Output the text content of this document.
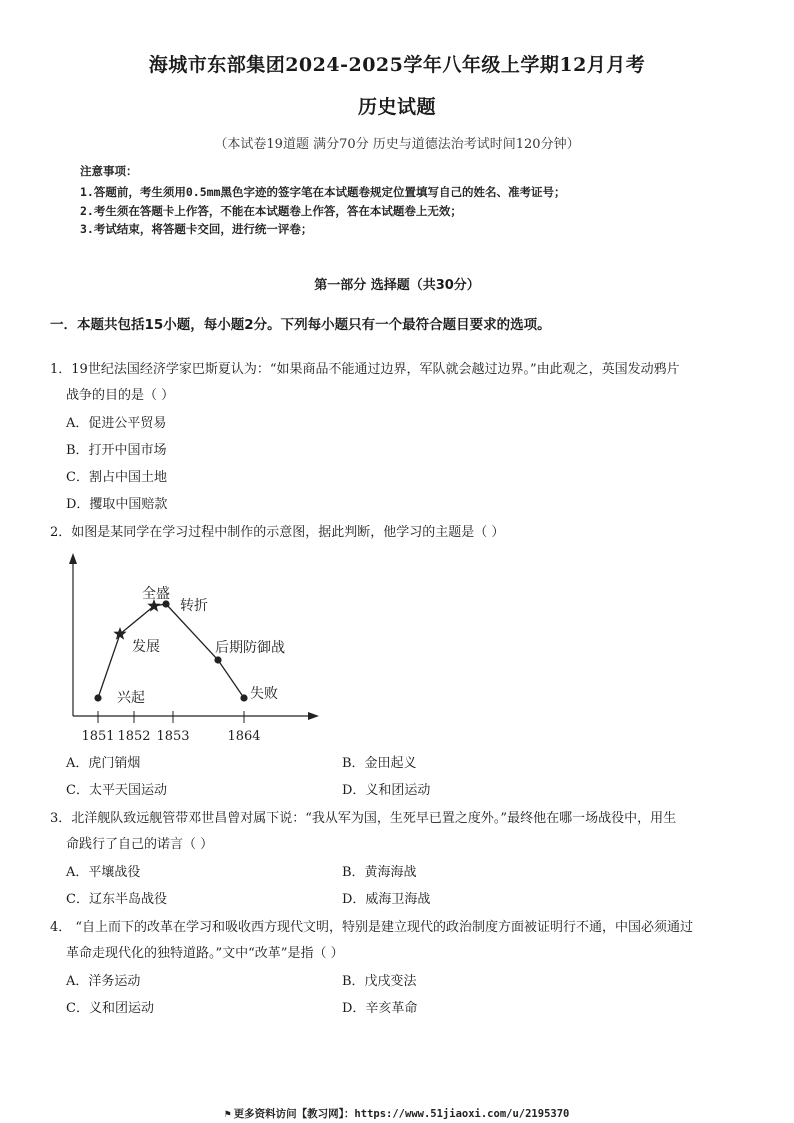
海城市东部集团2024-2025学年八年级上学期12月月考
历史试题
（本试卷19道题 满分70分 历史与道德法治考试时间120分钟）
注意事项：
1.答题前，考生须用0.5mm黑色字迹的签字笔在本试题卷规定位置填写自己的姓名、准考证号；
2.考生须在答题卡上作答，不能在本试题卷上作答，答在本试题卷上无效；
3.考试结束，将答题卡交回，进行统一评卷；
第一部分 选择题（共30分）
一．本题共包括15小题，每小题2分。下列每小题只有一个最符合题目要求的选项。
1．19世纪法国经济学家巴斯夏认为：“如果商品不能通过边界，军队就会越过边界。”由此观之，英国发动鸦片
战争的目的是（ ）
A．促进公平贸易
B．打开中国市场
C．割占中国土地
D．攫取中国赔款
2．如图是某同学在学习过程中制作的示意图，据此判断，他学习的主题是（ ）
1851 1852 1853	1864
兴起
发展
全盛
转折
后期防御战
失败
A．虎门销烟	B．金田起义
C．太平天国运动	D．义和团运动
3．北洋舰队致远舰管带邓世昌曾对属下说：“我从军为国，生死早已置之度外。”最终他在哪一场战役中，用生
命践行了自己的诺言（ ）
A．平壤战役	B．黄海海战
C．辽东半岛战役	D．威海卫海战
4． “自上而下的改革在学习和吸收西方现代文明，特别是建立现代的政治制度方面被证明行不通，中国必须通过
革命走现代化的独特道路。”文中“改革”是指（ ）
A．洋务运动	B．戊戌变法
C．义和团运动	D．辛亥革命
⚑ 更多资料访问【教习网】：https://www.51jiaoxi.com/u/2195370
